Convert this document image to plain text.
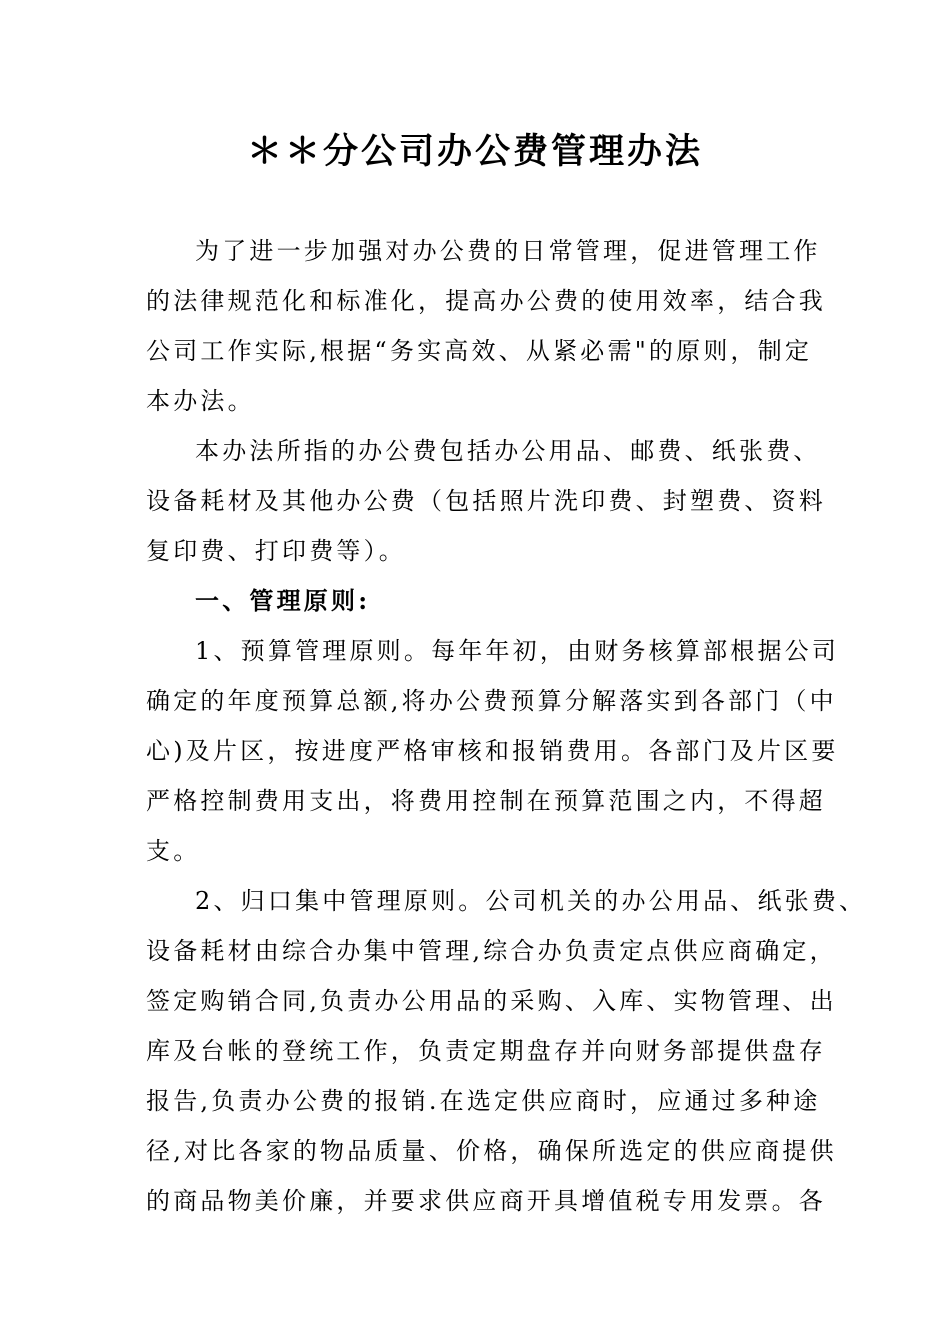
＊＊分公司办公费管理办法
为了进一步加强对办公费的日常管理，促进管理工作
的法律规范化和标准化，提高办公费的使用效率，结合我
公司工作实际,根据“务实高效、从紧必需"的原则，制定
本办法。
本办法所指的办公费包括办公用品、邮费、纸张费、
设备耗材及其他办公费（包括照片洗印费、封塑费、资料
复印费、打印费等）。
一、管理原则:
1、预算管理原则。每年年初，由财务核算部根据公司
确定的年度预算总额,将办公费预算分解落实到各部门（中
心)及片区，按进度严格审核和报销费用。各部门及片区要
严格控制费用支出，将费用控制在预算范围之内，不得超
支。
2、归口集中管理原则。公司机关的办公用品、纸张费、
设备耗材由综合办集中管理,综合办负责定点供应商确定，
签定购销合同,负责办公用品的采购、入库、实物管理、出
库及台帐的登统工作，负责定期盘存并向财务部提供盘存
报告,负责办公费的报销.在选定供应商时，应通过多种途
径,对比各家的物品质量、价格，确保所选定的供应商提供
的商品物美价廉，并要求供应商开具增值税专用发票。各
